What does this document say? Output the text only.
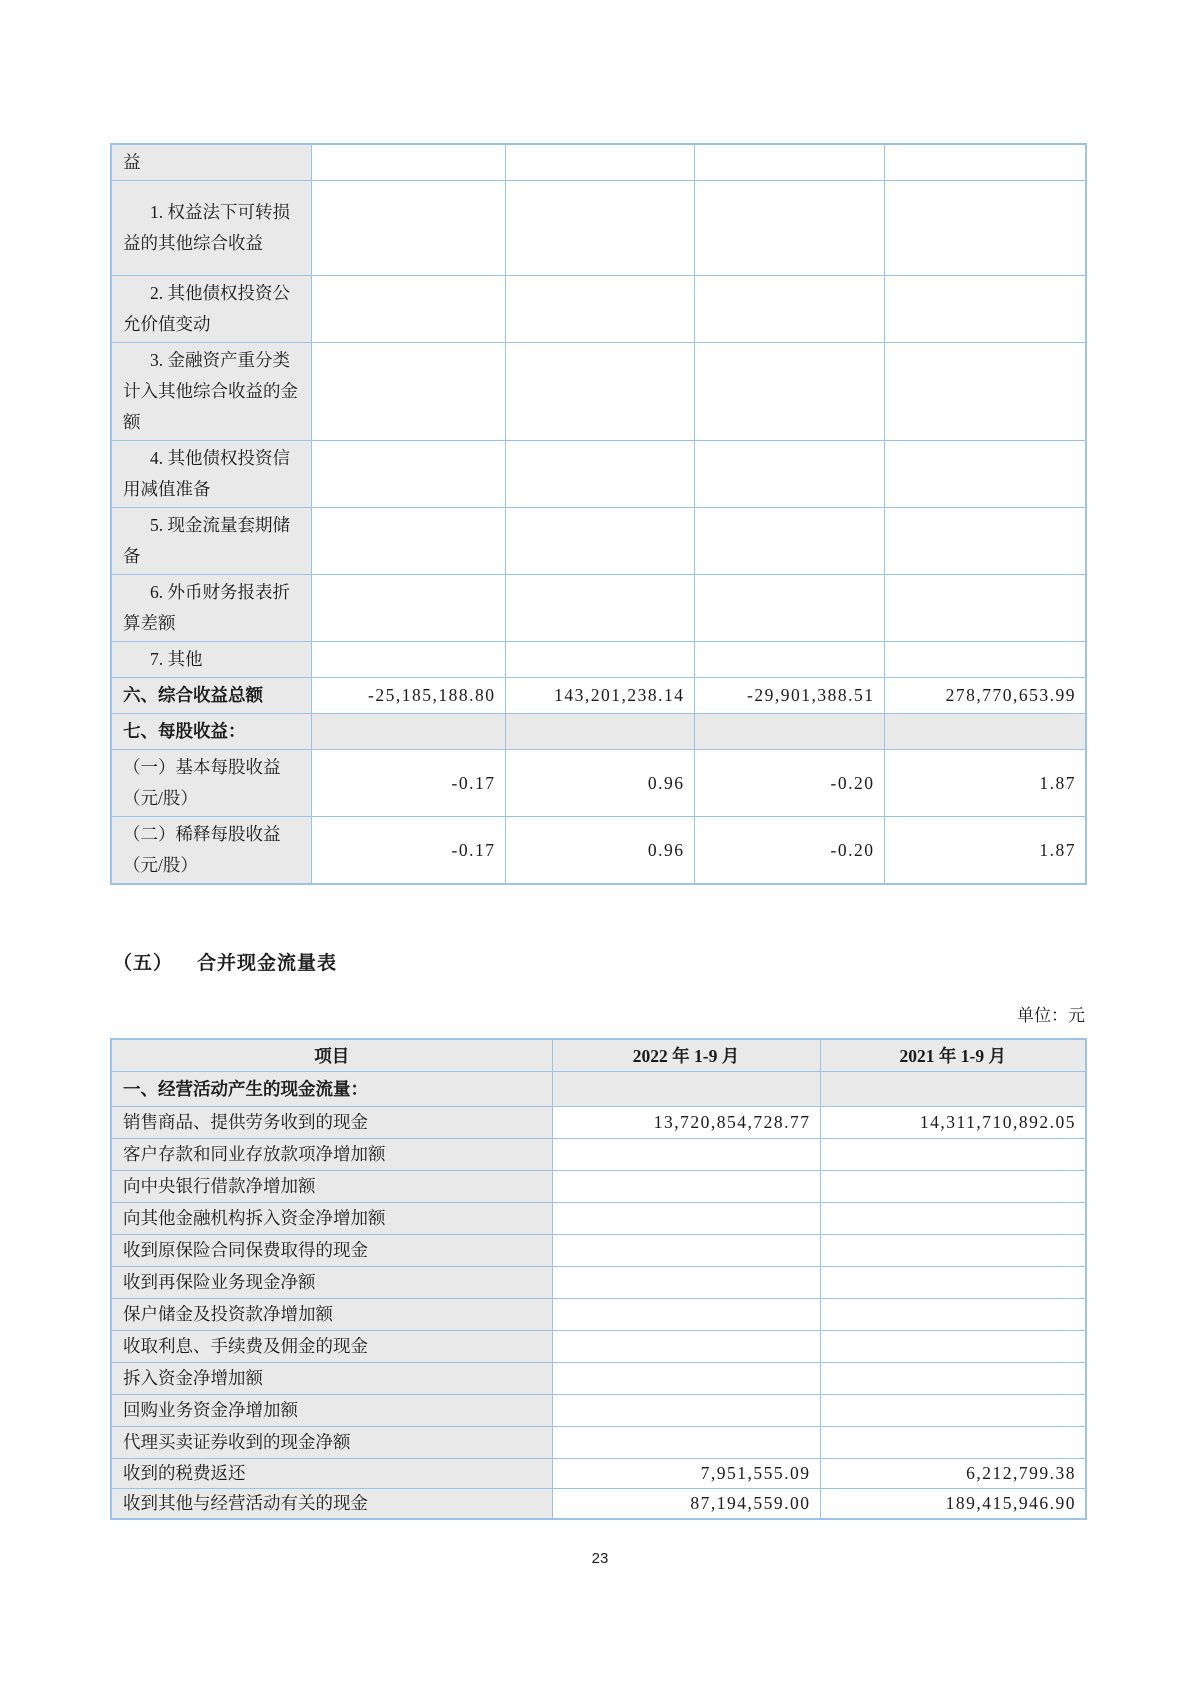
益				
1. 权益法下可转损益的其他综合收益				
2. 其他债权投资公允价值变动				
3. 金融资产重分类计入其他综合收益的金额				
4. 其他债权投资信用减值准备				
5. 现金流量套期储备				
6. 外币财务报表折算差额				
7. 其他				
六、综合收益总额	-25,185,188.80	143,201,238.14	-29,901,388.51	278,770,653.99
七、每股收益：				
（一）基本每股收益（元/股）	-0.17	0.96	-0.20	1.87
（二）稀释每股收益（元/股）	-0.17	0.96	-0.20	1.87
（五） 合并现金流量表
单位：元
项目	2022 年 1-9 月	2021 年 1-9 月
一、经营活动产生的现金流量：		
销售商品、提供劳务收到的现金	13,720,854,728.77	14,311,710,892.05
客户存款和同业存放款项净增加额		
向中央银行借款净增加额		
向其他金融机构拆入资金净增加额		
收到原保险合同保费取得的现金		
收到再保险业务现金净额		
保户储金及投资款净增加额		
收取利息、手续费及佣金的现金		
拆入资金净增加额		
回购业务资金净增加额		
代理买卖证券收到的现金净额		
收到的税费返还	7,951,555.09	6,212,799.38
收到其他与经营活动有关的现金	87,194,559.00	189,415,946.90
23
